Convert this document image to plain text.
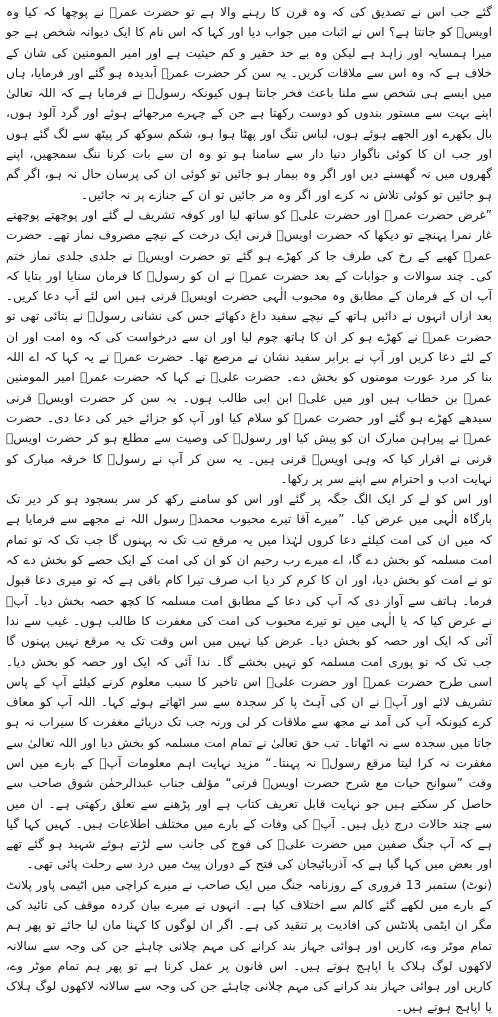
گئے جب اس نے تصدیق کی کہ وہ قرن کا رہنے والا ہے تو حضرت عمرؓ نے پوچھا کہ کیا وہ اویسؓ کو جانتا ہے؟ اس نے اثبات میں جواب دیا اور کہا کہ اس نام کا ایک دیوانہ شخص ہے جو میرا ہمسایہ اور زاہد ہے لیکن وہ بے حد حقیر و کم حیثیت ہے اور امیر المومنین کی شان کے خلاف ہے کہ وہ اس سے ملاقات کریں۔ یہ سن کر حضرت عمرؓ آبدیدہ ہو گئے اور فرمایا، ہاں میں ایسے ہی شخص سے ملنا باعث فخر جانتا ہوں کیونکہ رسولؐ نے فرمایا ہے کہ اللہ تعالیٰ اپنے بہت سے مستور بندوں کو دوست رکھتا ہے جن کے چہرے مرجھائے ہوئے اور گرد آلود ہوں، بال بکھرے اور الجھے ہوئے ہوں، لباس تنگ اور پھٹا ہوا ہو، شکم سوکھ کر پیٹھ سے لگ گئے ہوں اور جب ان کا کوئی ناگوار دنیا دار سے سامنا ہو تو وہ ان سے بات کرنا ننگ سمجھیں، اپنے گھروں میں نہ گھسنے دیں اور اگر وہ بیمار ہو جائیں تو کوئی ان کی پرسان حال نہ ہو، اگر گم ہو جائیں تو کوئی تلاش نہ کرے اور اگر وہ مر جائیں تو ان کے جنازے پر نہ جائیں۔

”غرض حضرت عمرؓ اور حضرت علیؓ کو ساتھ لیا اور کوفہ تشریف لے گئے اور پوچھتے پوچھتے غار نمرا پہنچے تو دیکھا کہ حضرت اویسؓ قرنی ایک درخت کے نیچے مصروف نماز تھے۔ حضرت عمرؓ کھبے کے رخ کی طرف جا کر کھڑے ہو گئے تو حضرت اویسؓ نے جلدی جلدی نماز ختم کی۔ چند سوالات و جوابات کے بعد حضرت عمرؓ نے ان کو رسولؐ کا فرمان سنایا اور بتایا کہ آپ ان کے فرمان کے مطابق وہ محبوب الٰہی حضرت اویسؓ قرنی ہیں اس لئے آپ دعا کریں۔ بعد ازاں انہوں نے دائیں ہاتھ کے نیچے سفید داغ دکھائے جس کی نشانی رسولؐ نے بتائی تھی تو حضرت عمرؓ نے کھڑے ہو کر ان کا ہاتھ چوم لیا اور ان سے درخواست کی کہ وہ امت اور ان کے لئے دعا کریں اور آپ نے برابر سفید نشان نے مرصع تھا۔ حضرت عمرؓ نے یہ کہا کہ اے اللہ بنا کر مرد عورت مومنوں کو بخش دے۔ حضرت علیؓ نے کہا کہ حضرت عمرؓ امیر المومنین عمرؓ بن خطاب ہیں اور میں علیؓ ابن ابی طالب ہوں۔ یہ سن کر حضرت اویسؓ قرنی سیدھے کھڑے ہو گئے اور حضرت عمرؓ کو سلام کیا اور آپ کو جزائے خیر کی دعا دی۔ حضرت عمرؓ نے پیراہن مبارک ان کو پیش کیا اور رسولؐ کی وصیت سے مطلع ہو کر حضرت اویسؓ قرنی نے اقرار کیا کہ وہی اویسؓ قرنی ہیں۔ یہ سن کر آپ نے رسولؐ کا خرقہ مبارک کو نہایت ادب و احترام سے اپنے سر پر رکھا۔

اور اس کو لے کر ایک الگ جگہ پر گئے اور اس کو سامنے رکھ کر سر بسجود ہو کر دیر تک بارگاہ الٰہی میں عرض کیا۔ ”میرے آقا تیرے محبوب محمدؐ رسول اللہ نے مجھے سے فرمایا ہے کہ میں ان کی امت کیلئے دعا کروں لہٰذا میں یہ مرقع تب تک نہ پہنوں گا جب تک کہ تو تمام امت مسلمہ کو بخش دے گا، اے میرے رب رحیم ان کو ان کی امت کے ایک حصے کو بخش دے کہ تو نے امت کو بخش دیا، اور ان کا کرم کر دیا اب صرف تیرا کام باقی ہے کہ تو میری دعا قبول فرما۔ ہاتف سے آواز دی کہ آپ کی دعا کے مطابق امت مسلمہ کا کچھ حصہ بخش دیا۔ آپؓ نے عرض کیا کہ یا الٰہی میں تو تیرے محبوب کی امت کی مغفرت کا طالب ہوں۔ غیب سے ندا آئی کہ ایک اور حصہ کو بخش دیا۔ عرض کیا نہیں میں اس وقت تک یہ مرقع نہیں پہنوں گا جب تک کہ تو پوری امت مسلمہ کو نہیں بخشے گا۔ ندا آئی کہ ایک اور حصہ کو بخش دیا۔ اسی طرح حضرت عمرؓ اور حضرت علیؓ اس تاخیر کا سبب معلوم کرنے کیلئے آپ کے پاس تشریف لائے اور آپؓ نے ان کی آہٹ پا کر سجدہ سے سر اٹھاتے ہوئے کہا۔ اللہ آپ کو معاف کرے کیونکہ آپ کی آمد نے مجھ سے ملاقات کر لی ورنہ جب تک دریائے مغفرت کا سیراب نہ ہو جاتا میں سجدہ سے نہ اٹھاتا۔ تب حق تعالیٰ نے تمام امت مسلمہ کو بخش دیا اور اللہ تعالیٰ سے مغفرت نہ کرا لیتا مرقع رسولؐ نہ پہنتا۔“ مزید نہایت اہم معلومات آپؓ کے بارے میں اس وقت ”سوانح حیات مع شرح حضرت اویسؓ قرنی“ مؤلف جناب عبدالرحمٰن شوق صاحب سے حاصل کر سکتے ہیں جو نہایت قابل تعریف کتاب ہے اور پڑھنے سے تعلق رکھتی ہے۔ ان میں سے چند حالات درج ذیل ہیں۔ آپؓ کی وفات کے بارے میں مختلف اطلاعات ہیں۔ کہیں کہا گیا ہے کہ آپ جنگ صفین میں حضرت علیؓ کی فوج کی جانب سے لڑتے ہوئے شہید ہو گئے تھے اور بعض میں کہا گیا ہے کہ آذربائیجان کی فتح کے دوران پیٹ میں درد سے رحلت پائی تھی۔

(نوٹ) ستمبر 13 فروری کے روزنامہ جنگ میں ایک صاحب نے میرے کراچی میں اٹیمی پاور پلانٹ کے بارے میں لکھے گئے کالم سے اختلاف کیا ہے۔ انہوں نے میرے بیان کردہ موقف کی تائید کی مگر ان ایٹمی پلانٹس کی افادیت پر تنقید کی ہے۔ اگر ان لوگوں کا کہنا مان لیا جائے تو پھر ہم تمام موٹر وے، کاریں اور ہوائی جہاز بند کرانے کی مہم چلانی چاہئے جن کی وجہ سے سالانہ لاکھوں لوگ ہلاک یا اپاہج ہوتے ہیں۔ اس قانون پر عمل کرنا ہے تو پھر ہم تمام موٹر وے، کاریں اور ہوائی جہاز بند کرانے کی مہم چلانی چاہئے جن کی وجہ سے سالانہ لاکھوں لوگ ہلاک یا اپاہج ہوتے ہیں۔
